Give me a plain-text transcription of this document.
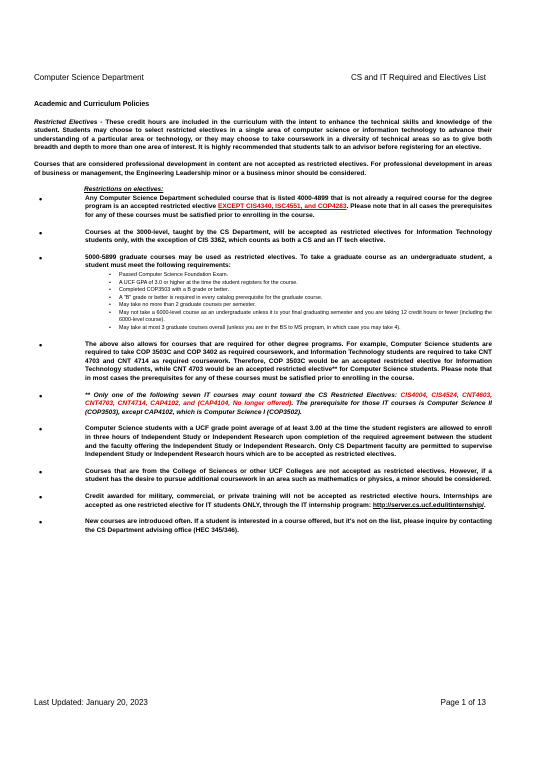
Computer Science Department	CS and IT Required and Electives List
Academic and Curriculum Policies

Restricted Electives - These credit hours are included in the curriculum with the intent to enhance the technical skills and knowledge of the student. Students may choose to select restricted electives in a single area of computer science or information technology to advance their understanding of a particular area or technology, or they may choose to take coursework in a diversity of technical areas so as to give both breadth and depth to more than one area of interest. It is highly recommended that students talk to an advisor before registering for an elective.

Courses that are considered professional development in content are not accepted as restricted electives. For professional development in areas of business or management, the Engineering Leadership minor or a business minor should be considered.

Restrictions on electives:
• Any Computer Science Department scheduled course that is listed 4000-4899 that is not already a required course for the degree program is an accepted restricted elective EXCEPT CIS4340, ISC4551, and COP4283. Please note that in all cases the prerequisites for any of these courses must be satisfied prior to enrolling in the course.
• Courses at the 3000-level, taught by the CS Department, will be accepted as restricted electives for Information Technology students only, with the exception of CIS 3362, which counts as both a CS and an IT tech elective.
• 5000-5899 graduate courses may be used as restricted electives. To take a graduate course as an undergraduate student, a student must meet the following requirements:
• Passed Computer Science Foundation Exam.
• A UCF GPA of 3.0 or higher at the time the student registers for the course.
• Completed COP3503 with a B grade or better.
• A "B" grade or better is required in every catalog prerequisite for the graduate course.
• May take no more than 2 graduate courses per semester.
• May not take a 6000-level course as an undergraduate unless it is your final graduating semester and you are taking 12 credit hours or fewer (including the 6000-level course).
• May take at most 3 graduate courses overall (unless you are in the BS to MS program, in which case you may take 4).
• The above also allows for courses that are required for other degree programs. For example, Computer Science students are required to take COP 3503C and COP 3402 as required coursework, and Information Technology students are required to take CNT 4703 and CNT 4714 as required coursework. Therefore, COP 3503C would be an accepted restricted elective for Information Technology students, while CNT 4703 would be an accepted restricted elective** for Computer Science students. Please note that in most cases the prerequisites for any of these courses must be satisfied prior to enrolling in the course.
• ** Only one of the following seven IT courses may count toward the CS Restricted Electives: CIS4004, CIS4524, CNT4603, CNT4703, CNT4714, CAP4102, and (CAP4104, No longer offered). The prerequisite for those IT courses is Computer Science II (COP3503), except CAP4102, which is Computer Science I (COP3502).
• Computer Science students with a UCF grade point average of at least 3.00 at the time the student registers are allowed to enroll in three hours of Independent Study or Independent Research upon completion of the required agreement between the student and the faculty offering the Independent Study or Independent Research. Only CS Department faculty are permitted to supervise Independent Study or Independent Research hours which are to be accepted as restricted electives.
• Courses that are from the College of Sciences or other UCF Colleges are not accepted as restricted electives. However, if a student has the desire to pursue additional coursework in an area such as mathematics or physics, a minor should be considered.
• Credit awarded for military, commercial, or private training will not be accepted as restricted elective hours. Internships are accepted as one restricted elective for IT students ONLY, through the IT internship program: http://server.cs.ucf.edu/itinternship/.
• New courses are introduced often. If a student is interested in a course offered, but it's not on the list, please inquire by contacting the CS Department advising office (HEC 345/346).
Last Updated: January 20, 2023	Page 1 of 13
